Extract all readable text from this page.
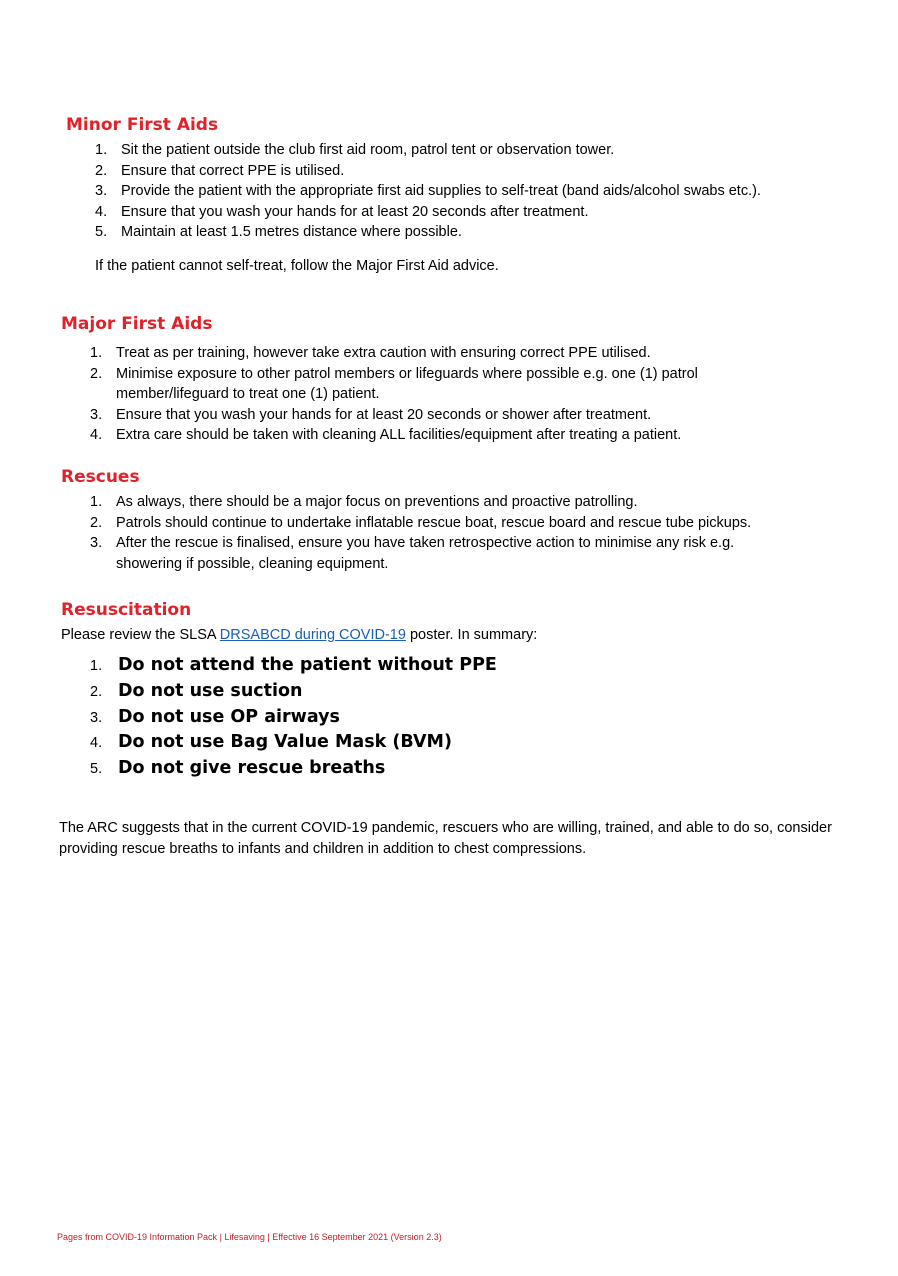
Minor First Aids
1. Sit the patient outside the club first aid room, patrol tent or observation tower.
2. Ensure that correct PPE is utilised.
3. Provide the patient with the appropriate first aid supplies to self-treat (band aids/alcohol swabs etc.).
4. Ensure that you wash your hands for at least 20 seconds after treatment.
5. Maintain at least 1.5 metres distance where possible.

If the patient cannot self-treat, follow the Major First Aid advice.

Major First Aids
1. Treat as per training, however take extra caution with ensuring correct PPE utilised.
2. Minimise exposure to other patrol members or lifeguards where possible e.g. one (1) patrol member/lifeguard to treat one (1) patient.
3. Ensure that you wash your hands for at least 20 seconds or shower after treatment.
4. Extra care should be taken with cleaning ALL facilities/equipment after treating a patient.
Rescues
1. As always, there should be a major focus on preventions and proactive patrolling.
2. Patrols should continue to undertake inflatable rescue boat, rescue board and rescue tube pickups.
3. After the rescue is finalised, ensure you have taken retrospective action to minimise any risk e.g. showering if possible, cleaning equipment.
Resuscitation

Please review the SLSA DRSABCD during COVID-19 poster. In summary:

1. Do not attend the patient without PPE
2. Do not use suction
3. Do not use OP airways
4. Do not use Bag Value Mask (BVM)
5. Do not give rescue breaths

The ARC suggests that in the current COVID-19 pandemic, rescuers who are willing, trained, and able to do so, consider providing rescue breaths to infants and children in addition to chest compressions.

Pages from COVID-19 Information Pack | Lifesaving | Effective 16 September 2021 (Version 2.3)
